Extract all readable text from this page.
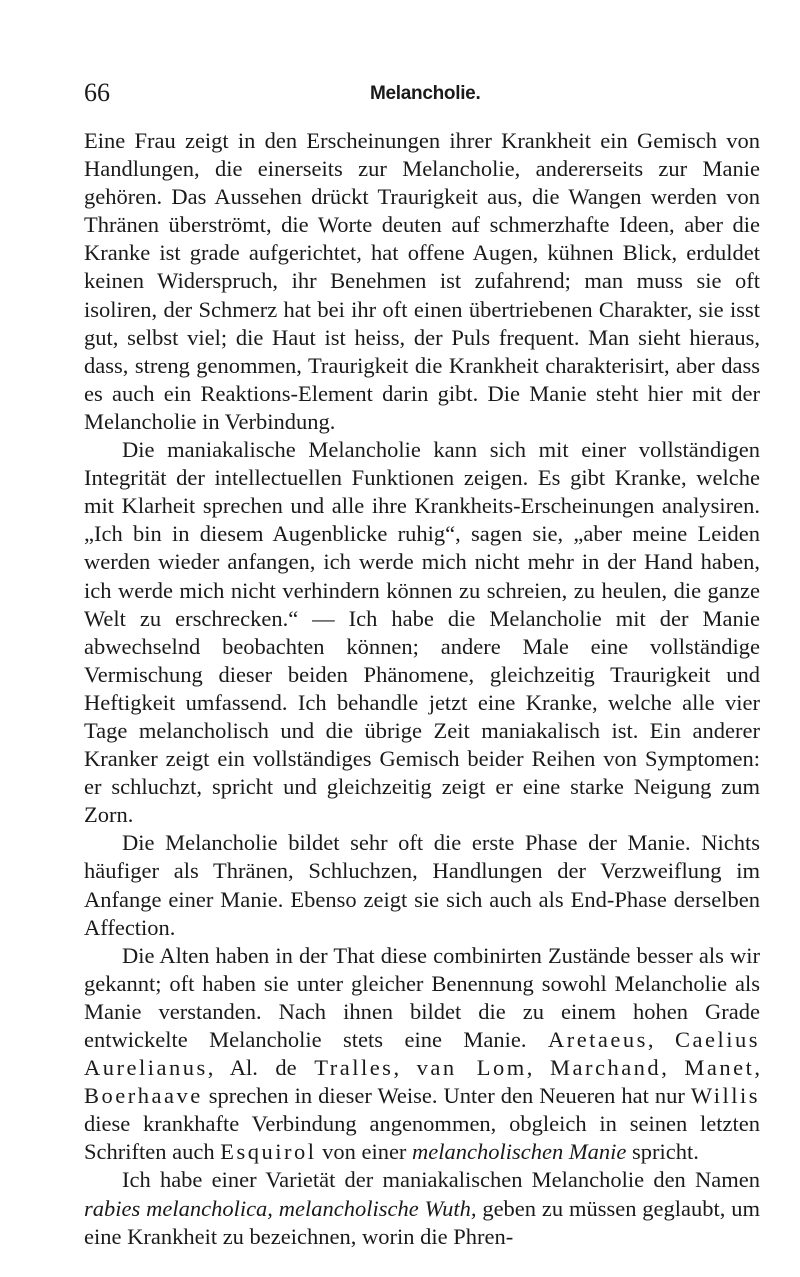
66	Melancholie.

Eine Frau zeigt in den Erscheinungen ihrer Krankheit ein Gemisch von Handlungen, die einerseits zur Melancholie, andererseits zur Manie gehören. Das Aussehen drückt Traurigkeit aus, die Wangen werden von Thränen überströmt, die Worte deuten auf schmerzhafte Ideen, aber die Kranke ist grade aufgerichtet, hat offene Augen, kühnen Blick, erduldet keinen Widerspruch, ihr Benehmen ist zufahrend; man muss sie oft isoliren, der Schmerz hat bei ihr oft einen übertriebenen Charakter, sie isst gut, selbst viel; die Haut ist heiss, der Puls frequent. Man sieht hieraus, dass, streng genommen, Traurigkeit die Krankheit charakterisirt, aber dass es auch ein Reaktions-Element darin gibt. Die Manie steht hier mit der Melancholie in Verbindung.

Die maniakalische Melancholie kann sich mit einer vollständigen Integrität der intellectuellen Funktionen zeigen. Es gibt Kranke, welche mit Klarheit sprechen und alle ihre Krankheits-Erscheinungen analysiren. „Ich bin in diesem Augenblicke ruhig“, sagen sie, „aber meine Leiden werden wieder anfangen, ich werde mich nicht mehr in der Hand haben, ich werde mich nicht verhindern können zu schreien, zu heulen, die ganze Welt zu erschrecken.“ — Ich habe die Melancholie mit der Manie abwechselnd beobachten können; andere Male eine vollständige Vermischung dieser beiden Phänomene, gleichzeitig Traurigkeit und Heftigkeit umfassend. Ich behandle jetzt eine Kranke, welche alle vier Tage melancholisch und die übrige Zeit maniakalisch ist. Ein anderer Kranker zeigt ein vollständiges Gemisch beider Reihen von Symptomen: er schluchzt, spricht und gleichzeitig zeigt er eine starke Neigung zum Zorn.

Die Melancholie bildet sehr oft die erste Phase der Manie. Nichts häufiger als Thränen, Schluchzen, Handlungen der Verzweiflung im Anfange einer Manie. Ebenso zeigt sie sich auch als End-Phase derselben Affection.

Die Alten haben in der That diese combinirten Zustände besser als wir gekannt; oft haben sie unter gleicher Benennung sowohl Melancholie als Manie verstanden. Nach ihnen bildet die zu einem hohen Grade entwickelte Melancholie stets eine Manie. Aretaeus, Caelius Aurelianus, Al. de Tralles, van Lom, Marchand, Manet, Boerhaave sprechen in dieser Weise. Unter den Neueren hat nur Willis diese krankhafte Verbindung angenommen, obgleich in seinen letzten Schriften auch Esquirol von einer melancholischen Manie spricht.

Ich habe einer Varietät der maniakalischen Melancholie den Namen rabies melancholica, melancholische Wuth, geben zu müssen geglaubt, um eine Krankheit zu bezeichnen, worin die Phren-
